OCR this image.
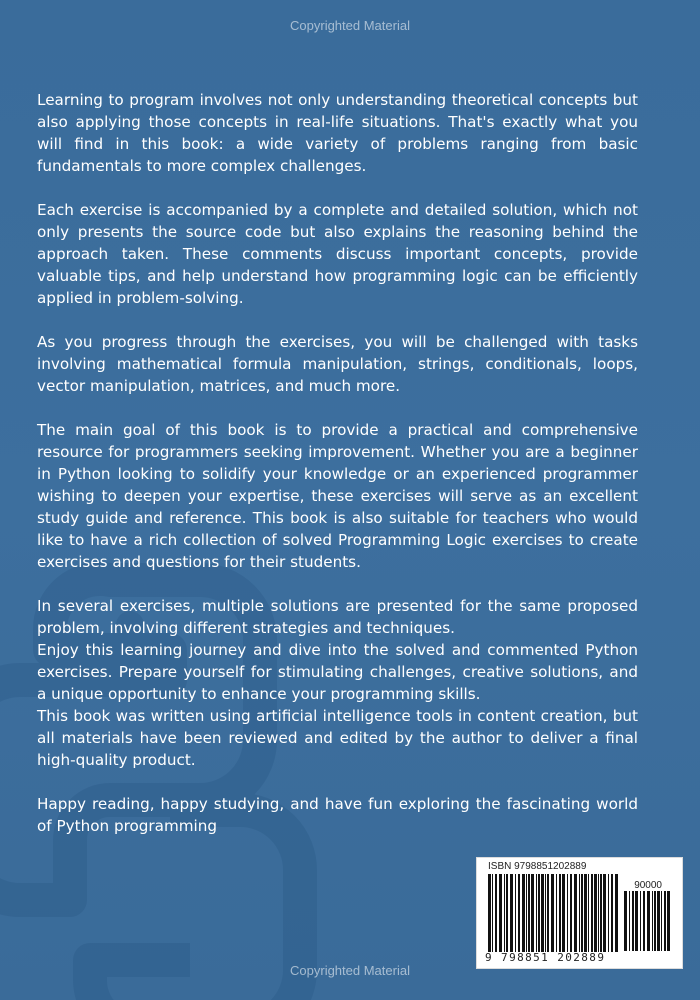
Copyrighted Material

Learning to program involves not only understanding theoretical concepts but also applying those concepts in real-life situations. That's exactly what you will find in this book: a wide variety of problems ranging from basic fundamentals to more complex challenges.

Each exercise is accompanied by a complete and detailed solution, which not only presents the source code but also explains the reasoning behind the approach taken. These comments discuss important concepts, provide valuable tips, and help understand how programming logic can be efficiently applied in problem-solving.

As you progress through the exercises, you will be challenged with tasks involving mathematical formula manipulation, strings, conditionals, loops, vector manipulation, matrices, and much more.

The main goal of this book is to provide a practical and comprehensive resource for programmers seeking improvement. Whether you are a beginner in Python looking to solidify your knowledge or an experienced programmer wishing to deepen your expertise, these exercises will serve as an excellent study guide and reference. This book is also suitable for teachers who would like to have a rich collection of solved Programming Logic exercises to create exercises and questions for their students.

In several exercises, multiple solutions are presented for the same proposed problem, involving different strategies and techniques.

Enjoy this learning journey and dive into the solved and commented Python exercises. Prepare yourself for stimulating challenges, creative solutions, and a unique opportunity to enhance your programming skills.

This book was written using artificial intelligence tools in content creation, but all materials have been reviewed and edited by the author to deliver a final high-quality product.

Happy reading, happy studying, and have fun exploring the fascinating world of Python programming

ISBN 9798851202889
90000
9 798851 202889
Copyrighted Material
